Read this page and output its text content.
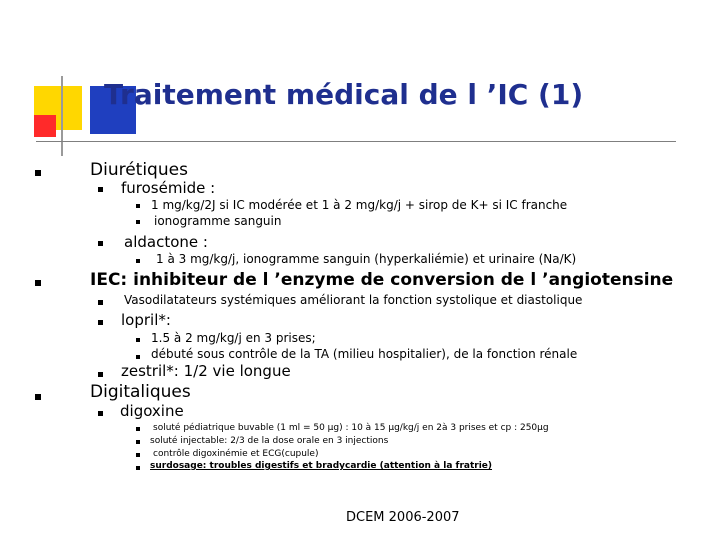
Traitement médical de l ’IC (1)
Diurétiques
furosémide :
1 mg/kg/2J si IC modérée et 1 à 2 mg/kg/j + sirop de K+ si IC franche
ionogramme sanguin
aldactone :
1 à 3 mg/kg/j, ionogramme sanguin (hyperkaliémie) et urinaire (Na/K)
IEC: inhibiteur de l ’enzyme de conversion de l ’angiotensine
Vasodilatateurs systémiques améliorant la fonction systolique et diastolique
lopril*:
1.5 à 2 mg/kg/j en 3 prises;
débuté sous contrôle de la TA (milieu hospitalier), de la fonction rénale
zestril*: 1/2 vie longue
Digitaliques
digoxine
soluté pédiatrique buvable (1 ml = 50 µg) : 10 à 15 µg/kg/j en 2à 3 prises et cp : 250µg
soluté injectable: 2/3 de la dose orale en 3 injections
contrôle digoxinémie et ECG(cupule)
surdosage: troubles digestifs et bradycardie (attention à la fratrie)
DCEM 2006-2007
